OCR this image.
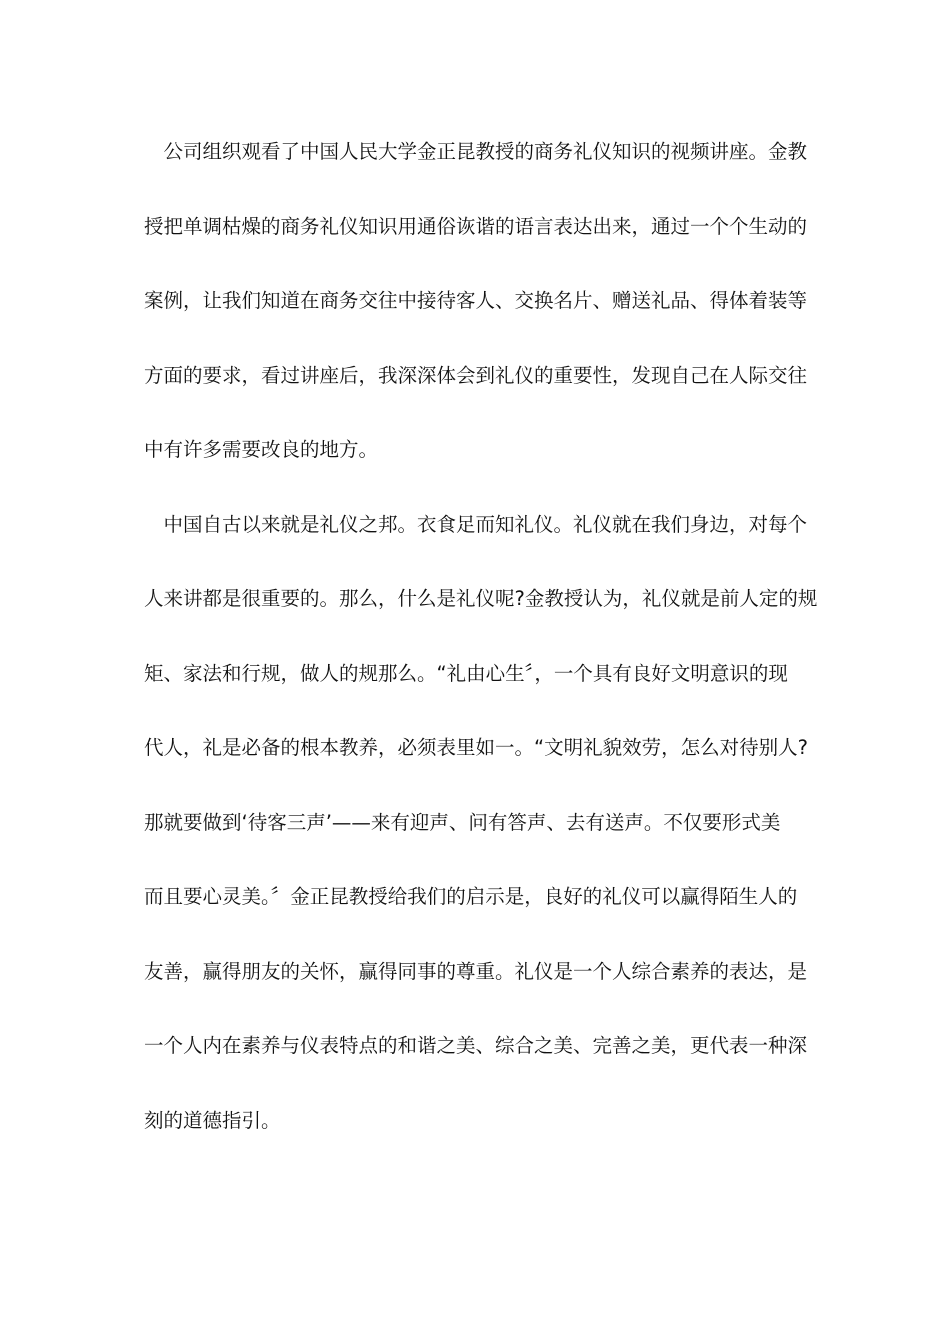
　公司组织观看了中国人民大学金正昆教授的商务礼仪知识的视频讲座。金教
授把单调枯燥的商务礼仪知识用通俗诙谐的语言表达出来，通过一个个生动的
案例，让我们知道在商务交往中接待客人、交换名片、赠送礼品、得体着装等
方面的要求，看过讲座后，我深深体会到礼仪的重要性，发现自己在人际交往
中有许多需要改良的地方。
　中国自古以来就是礼仪之邦。衣食足而知礼仪。礼仪就在我们身边，对每个
人来讲都是很重要的。那么，什么是礼仪呢?金教授认为，礼仪就是前人定的规
矩、家法和行规，做人的规那么。“礼由心生〞，一个具有良好文明意识的现
代人，礼是必备的根本教养，必须表里如一。“文明礼貌效劳，怎么对待别人?
那就要做到‘待客三声’——来有迎声、问有答声、去有送声。不仅要形式美
而且要心灵美。〞金正昆教授给我们的启示是，良好的礼仪可以赢得陌生人的
友善，赢得朋友的关怀，赢得同事的尊重。礼仪是一个人综合素养的表达，是
一个人内在素养与仪表特点的和谐之美、综合之美、完善之美，更代表一种深
刻的道德指引。
